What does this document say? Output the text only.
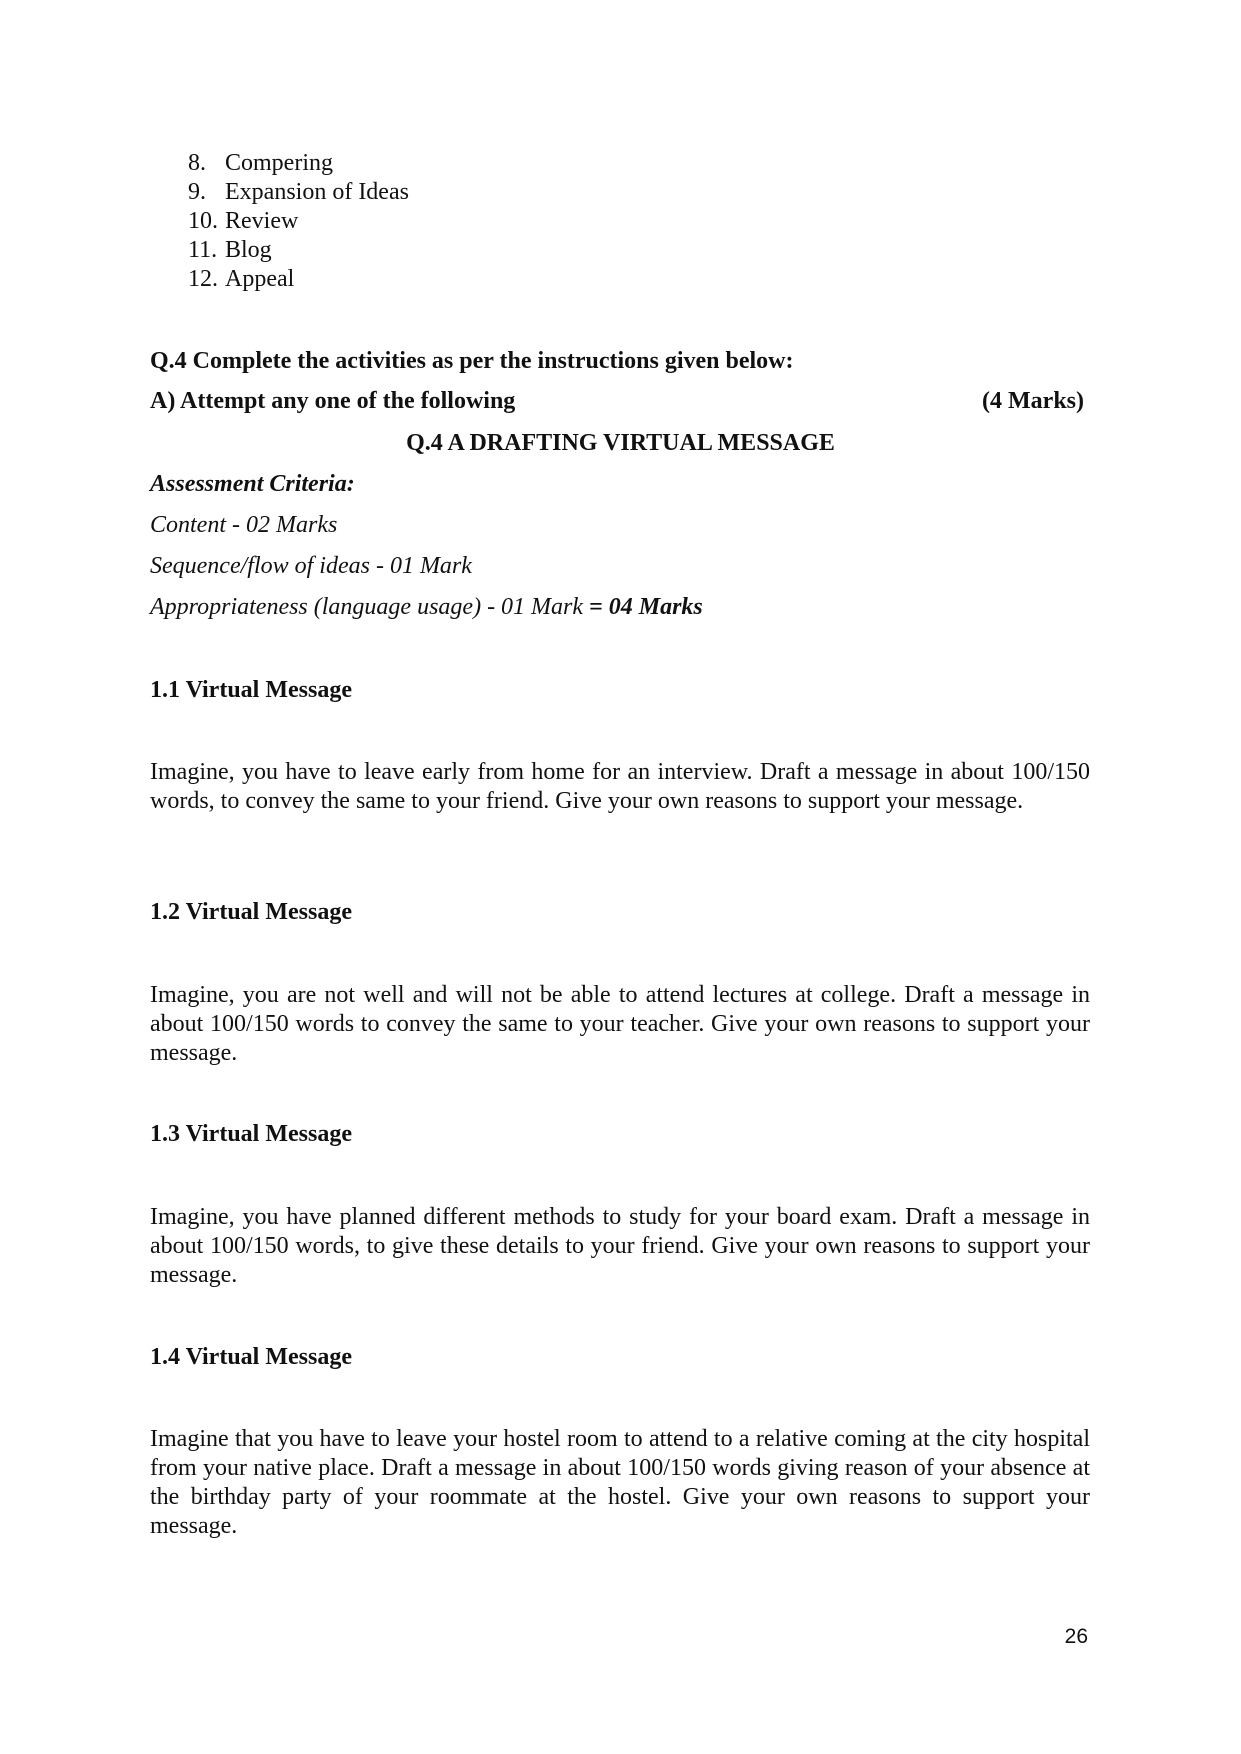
8. Compering
9. Expansion of Ideas
10. Review
11. Blog
12. Appeal
Q.4 Complete the activities as per the instructions given below:
A) Attempt any one of the following	(4 Marks)
Q.4 A DRAFTING VIRTUAL MESSAGE
Assessment Criteria:
Content - 02 Marks
Sequence/flow of ideas - 01 Mark
Appropriateness (language usage) - 01 Mark = 04 Marks
1.1 Virtual Message

Imagine, you have to leave early from home for an interview. Draft a message in about 100/150 words, to convey the same to your friend. Give your own reasons to support your message.

1.2 Virtual Message

Imagine, you are not well and will not be able to attend lectures at college. Draft a message in about 100/150 words to convey the same to your teacher. Give your own reasons to support your message.

1.3 Virtual Message

Imagine, you have planned different methods to study for your board exam. Draft a message in about 100/150 words, to give these details to your friend. Give your own reasons to support your message.

1.4 Virtual Message

Imagine that you have to leave your hostel room to attend to a relative coming at the city hospital from your native place. Draft a message in about 100/150 words giving reason of your absence at the birthday party of your roommate at the hostel. Give your own reasons to support your message.

26
